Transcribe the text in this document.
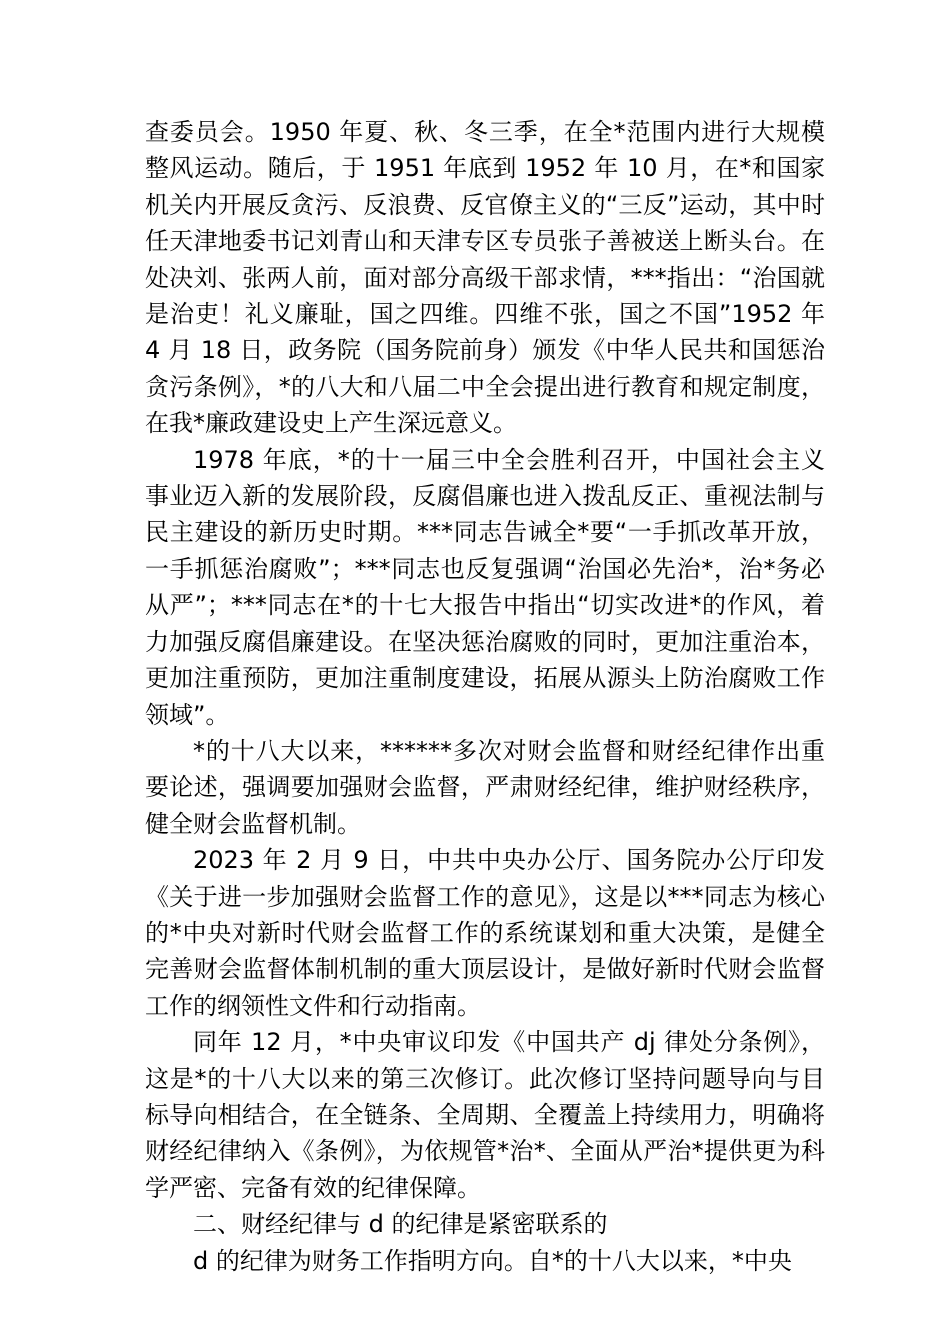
查委员会。1950 年夏、秋、冬三季，在全*范围内进行大规模整风运动。随后，于 1951 年底到 1952 年 10 月，在*和国家机关内开展反贪污、反浪费、反官僚主义的“三反”运动，其中时任天津地委书记刘青山和天津专区专员张子善被送上断头台。在处决刘、张两人前，面对部分高级干部求情，***指出：“治国就是治吏！礼义廉耻，国之四维。四维不张，国之不国”1952 年 4 月 18 日，政务院（国务院前身）颁发《中华人民共和国惩治贪污条例》，*的八大和八届二中全会提出进行教育和规定制度，在我*廉政建设史上产生深远意义。

1978 年底，*的十一届三中全会胜利召开，中国社会主义事业迈入新的发展阶段，反腐倡廉也进入拨乱反正、重视法制与民主建设的新历史时期。***同志告诫全*要“一手抓改革开放，一手抓惩治腐败”；***同志也反复强调“治国必先治*，治*务必从严”；***同志在*的十七大报告中指出“切实改进*的作风，着力加强反腐倡廉建设。在坚决惩治腐败的同时，更加注重治本，更加注重预防，更加注重制度建设，拓展从源头上防治腐败工作领域”。

*的十八大以来，******多次对财会监督和财经纪律作出重要论述，强调要加强财会监督，严肃财经纪律，维护财经秩序，健全财会监督机制。

2023 年 2 月 9 日，中共中央办公厅、国务院办公厅印发《关于进一步加强财会监督工作的意见》，这是以***同志为核心的*中央对新时代财会监督工作的系统谋划和重大决策，是健全完善财会监督体制机制的重大顶层设计，是做好新时代财会监督工作的纲领性文件和行动指南。

同年 12 月，*中央审议印发《中国共产 dj 律处分条例》，这是*的十八大以来的第三次修订。此次修订坚持问题导向与目标导向相结合，在全链条、全周期、全覆盖上持续用力，明确将财经纪律纳入《条例》，为依规管*治*、全面从严治*提供更为科学严密、完备有效的纪律保障。

二、财经纪律与 d 的纪律是紧密联系的

d 的纪律为财务工作指明方向。自*的十八大以来，*中央
